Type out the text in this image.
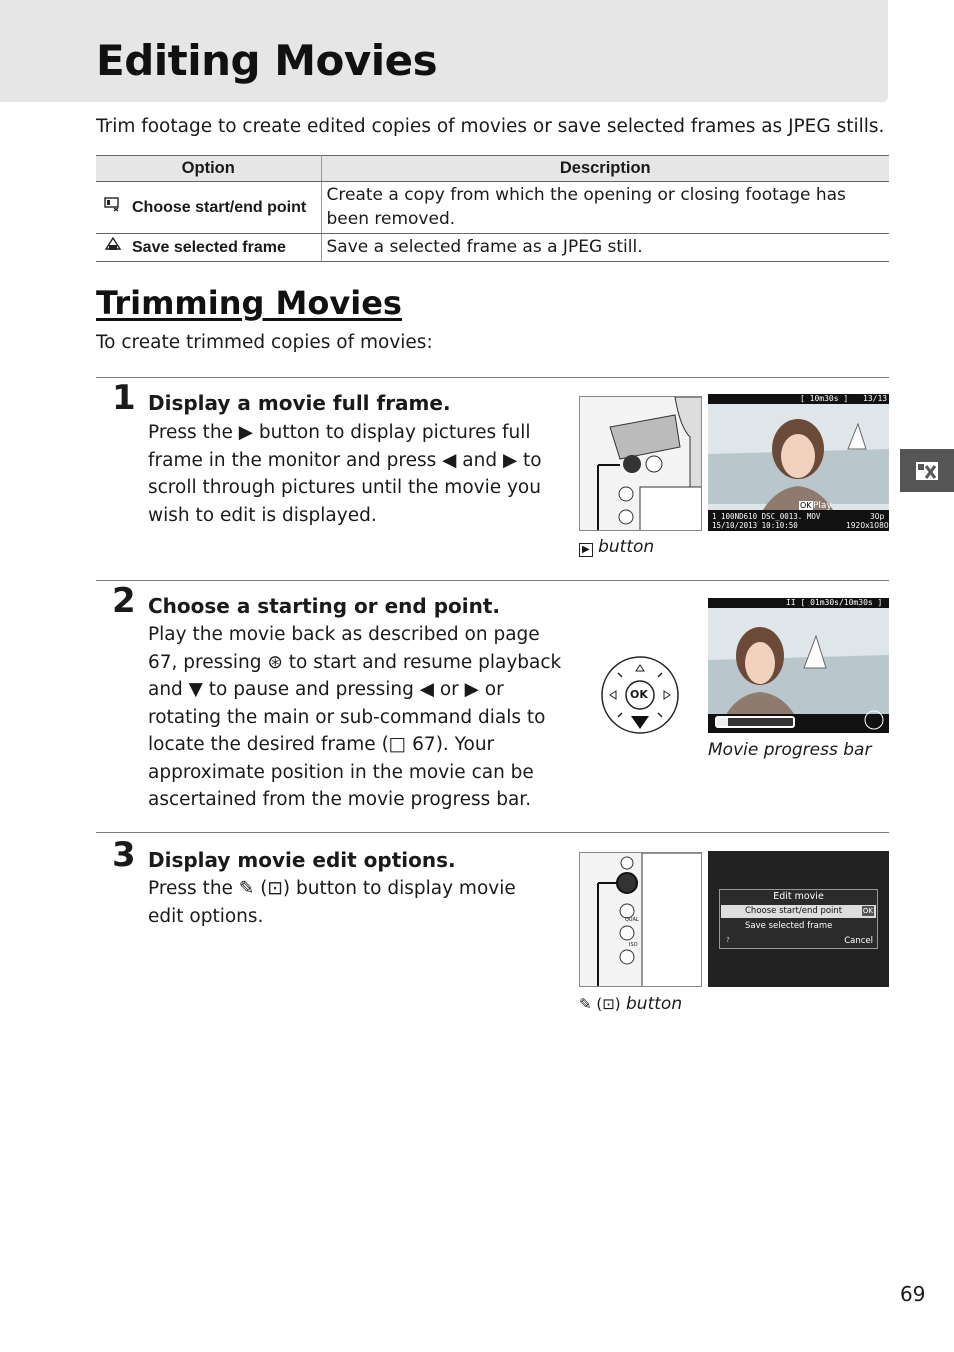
Editing Movies

Trim footage to create edited copies of movies or save selected frames as JPEG stills.

Option	Description
Choose start/end point	Create a copy from which the opening or closing footage has been removed.
Save selected frame	Save a selected frame as a JPEG still.
Trimming Movies

To create trimmed copies of movies:

1 Display a movie full frame.
Press the ▶ button to display pictures full
frame in the monitor and press ◀ and ▶ to
scroll through pictures until the movie you
wish to edit is displayed.
[ 10m30s ] 13/13
OK Play
1 100ND610 DSC_0013. MOV
15/10/2013 10:10:50
30p
1920x1080
▶ button
2 Choose a starting or end point.
Play the movie back as described on page
67, pressing ⊛ to start and resume playback
and ▼ to pause and pressing ◀ or ▶ or
rotating the main or sub-command dials to
locate the desired frame (□ 67). Your
approximate position in the movie can be
ascertained from the movie progress bar.
OK
II [ 01m30s/10m30s ]
Movie progress bar
3 Display movie edit options.
Press the ✎ (⊡) button to display movie
edit options.	QUAL
ISO
Edit movie
Choose start/end point	OK
Save selected frame
?	Cancel
✎ (⊡) button
69
